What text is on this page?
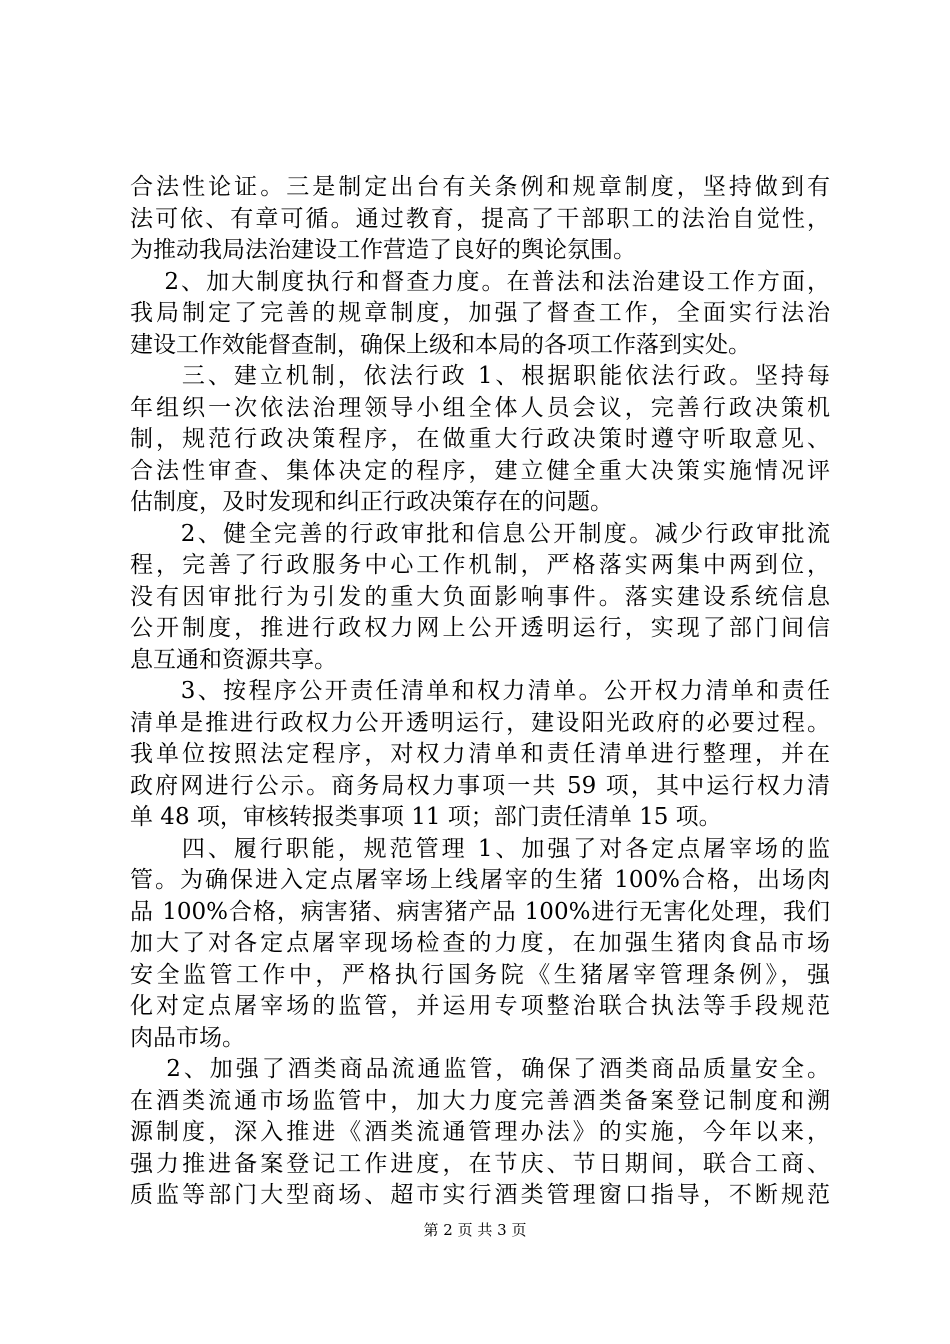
合法性论证。三是制定出台有关条例和规章制度，坚持做到有
法可依、有章可循。通过教育，提高了干部职工的法治自觉性，
为推动我局法治建设工作营造了良好的舆论氛围。
　 2、加大制度执行和督查力度。在普法和法治建设工作方面，
我局制定了完善的规章制度，加强了督查工作，全面实行法治
建设工作效能督查制，确保上级和本局的各项工作落到实处。
　　三、建立机制，依法行政 1、根据职能依法行政。坚持每
年组织一次依法治理领导小组全体人员会议，完善行政决策机
制，规范行政决策程序，在做重大行政决策时遵守听取意见、
合法性审查、集体决定的程序，建立健全重大决策实施情况评
估制度，及时发现和纠正行政决策存在的问题。
　　2、健全完善的行政审批和信息公开制度。减少行政审批流
程，完善了行政服务中心工作机制，严格落实两集中两到位，
没有因审批行为引发的重大负面影响事件。落实建设系统信息
公开制度，推进行政权力网上公开透明运行，实现了部门间信
息互通和资源共享。
　　3、按程序公开责任清单和权力清单。公开权力清单和责任
清单是推进行政权力公开透明运行，建设阳光政府的必要过程。
我单位按照法定程序，对权力清单和责任清单进行整理，并在
政府网进行公示。商务局权力事项一共 59 项，其中运行权力清
单 48 项，审核转报类事项 11 项；部门责任清单 15 项。
　　四、履行职能，规范管理 1、加强了对各定点屠宰场的监
管。为确保进入定点屠宰场上线屠宰的生猪 100%合格，出场肉
品 100%合格，病害猪、病害猪产品 100%进行无害化处理，我们
加大了对各定点屠宰现场检查的力度，在加强生猪肉食品市场
安全监管工作中，严格执行国务院《生猪屠宰管理条例》，强
化对定点屠宰场的监管，并运用专项整治联合执法等手段规范
肉品市场。
　 2、加强了酒类商品流通监管，确保了酒类商品质量安全。
在酒类流通市场监管中，加大力度完善酒类备案登记制度和溯
源制度，深入推进《酒类流通管理办法》的实施，今年以来，
强力推进备案登记工作进度，在节庆、节日期间，联合工商、
质监等部门大型商场、超市实行酒类管理窗口指导，不断规范
第 2 页 共 3 页
